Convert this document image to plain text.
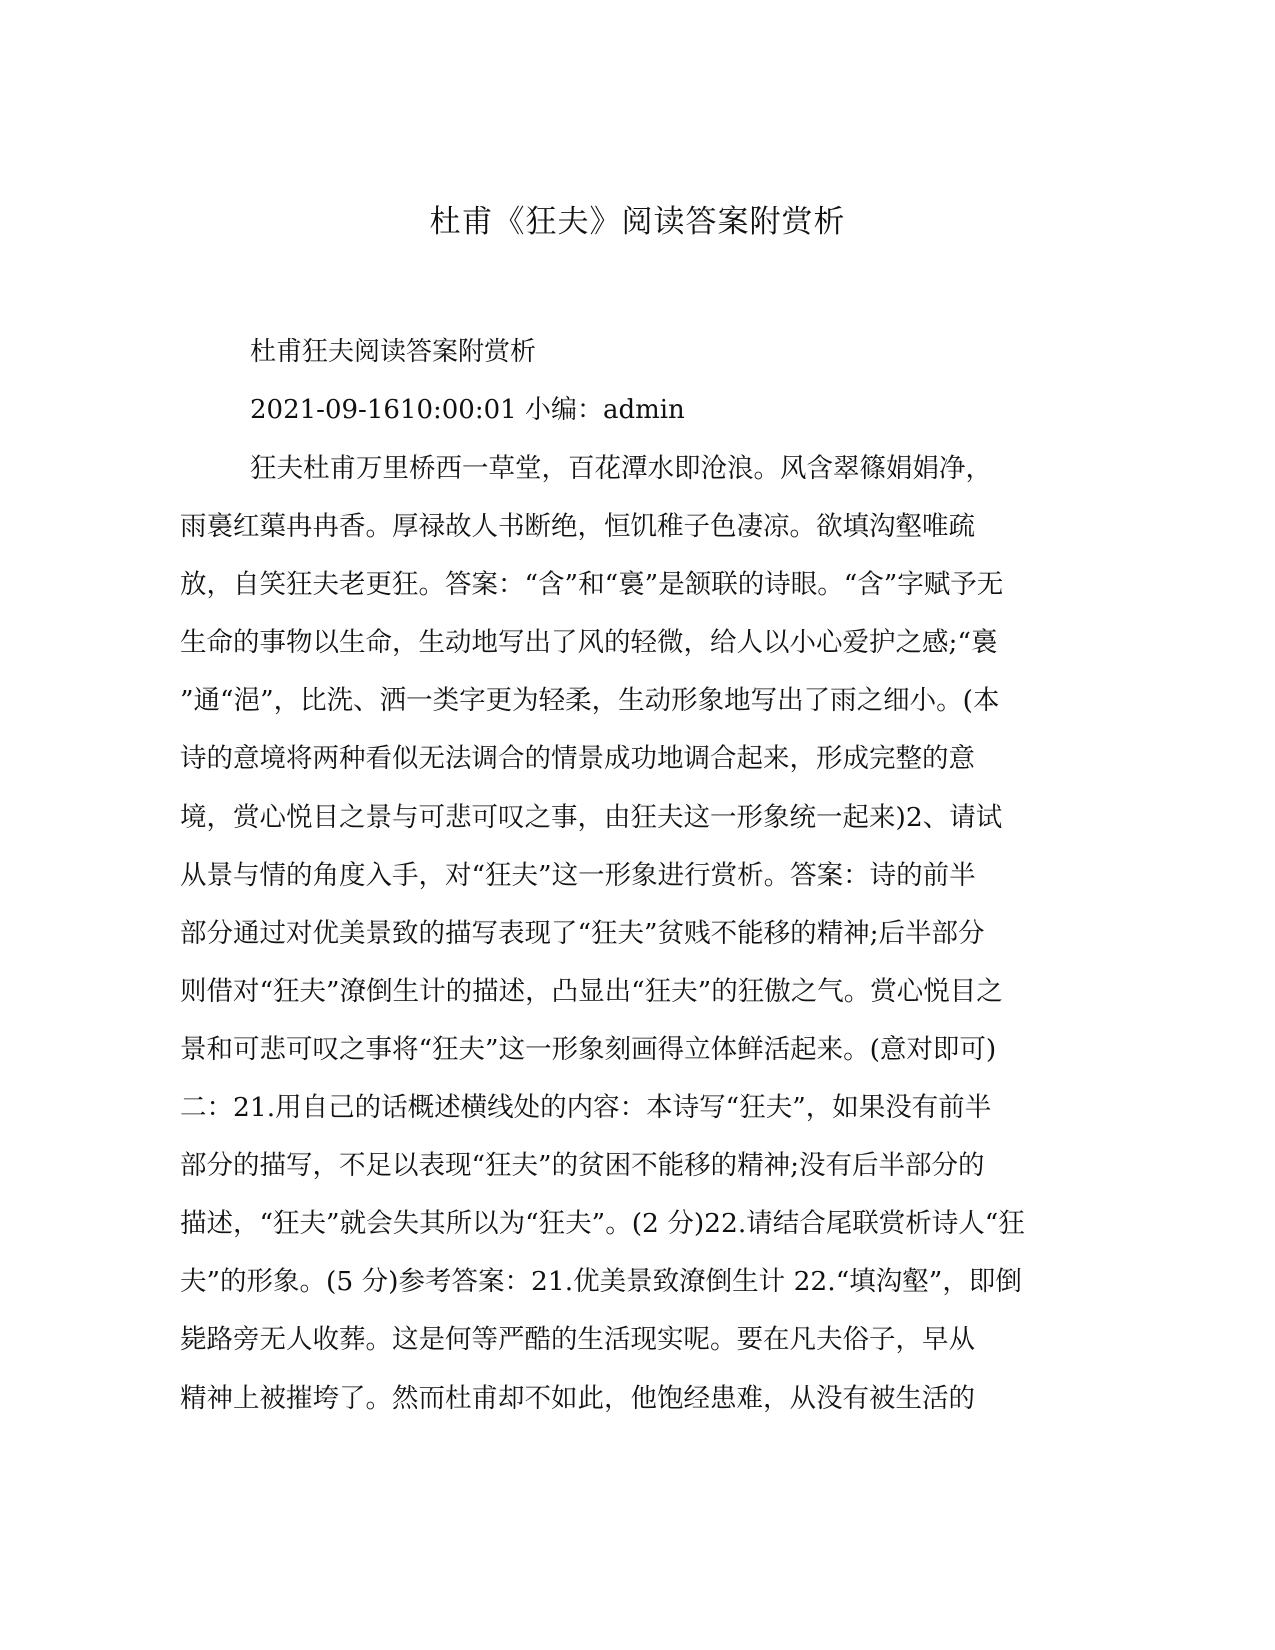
杜甫《狂夫》阅读答案附赏析

杜甫狂夫阅读答案附赏析

2021-09-1610:00:01 小编：admin

狂夫杜甫万里桥西一草堂，百花潭水即沧浪。风含翠篠娟娟净，
雨裛红蕖冉冉香。厚禄故人书断绝，恒饥稚子色凄凉。欲填沟壑唯疏
放，自笑狂夫老更狂。答案：“含”和“裛”是颔联的诗眼。“含”字赋予无
生命的事物以生命，生动地写出了风的轻微，给人以小心爱护之感;“裛
”通“浥”，比洗、洒一类字更为轻柔，生动形象地写出了雨之细小。(本
诗的意境将两种看似无法调合的情景成功地调合起来，形成完整的意
境，赏心悦目之景与可悲可叹之事，由狂夫这一形象统一起来)2、请试
从景与情的角度入手，对“狂夫”这一形象进行赏析。答案：诗的前半
部分通过对优美景致的描写表现了“狂夫”贫贱不能移的精神;后半部分
则借对“狂夫”潦倒生计的描述，凸显出“狂夫”的狂傲之气。赏心悦目之
景和可悲可叹之事将“狂夫”这一形象刻画得立体鲜活起来。(意对即可)
二：21.用自己的话概述横线处的内容：本诗写“狂夫”，如果没有前半
部分的描写，不足以表现“狂夫”的贫困不能移的精神;没有后半部分的
描述，“狂夫”就会失其所以为“狂夫”。(2 分)22.请结合尾联赏析诗人“狂
夫”的形象。(5 分)参考答案：21.优美景致潦倒生计 22.“填沟壑”，即倒
毙路旁无人收葬。这是何等严酷的生活现实呢。要在凡夫俗子，早从
精神上被摧垮了。然而杜甫却不如此，他饱经患难，从没有被生活的
